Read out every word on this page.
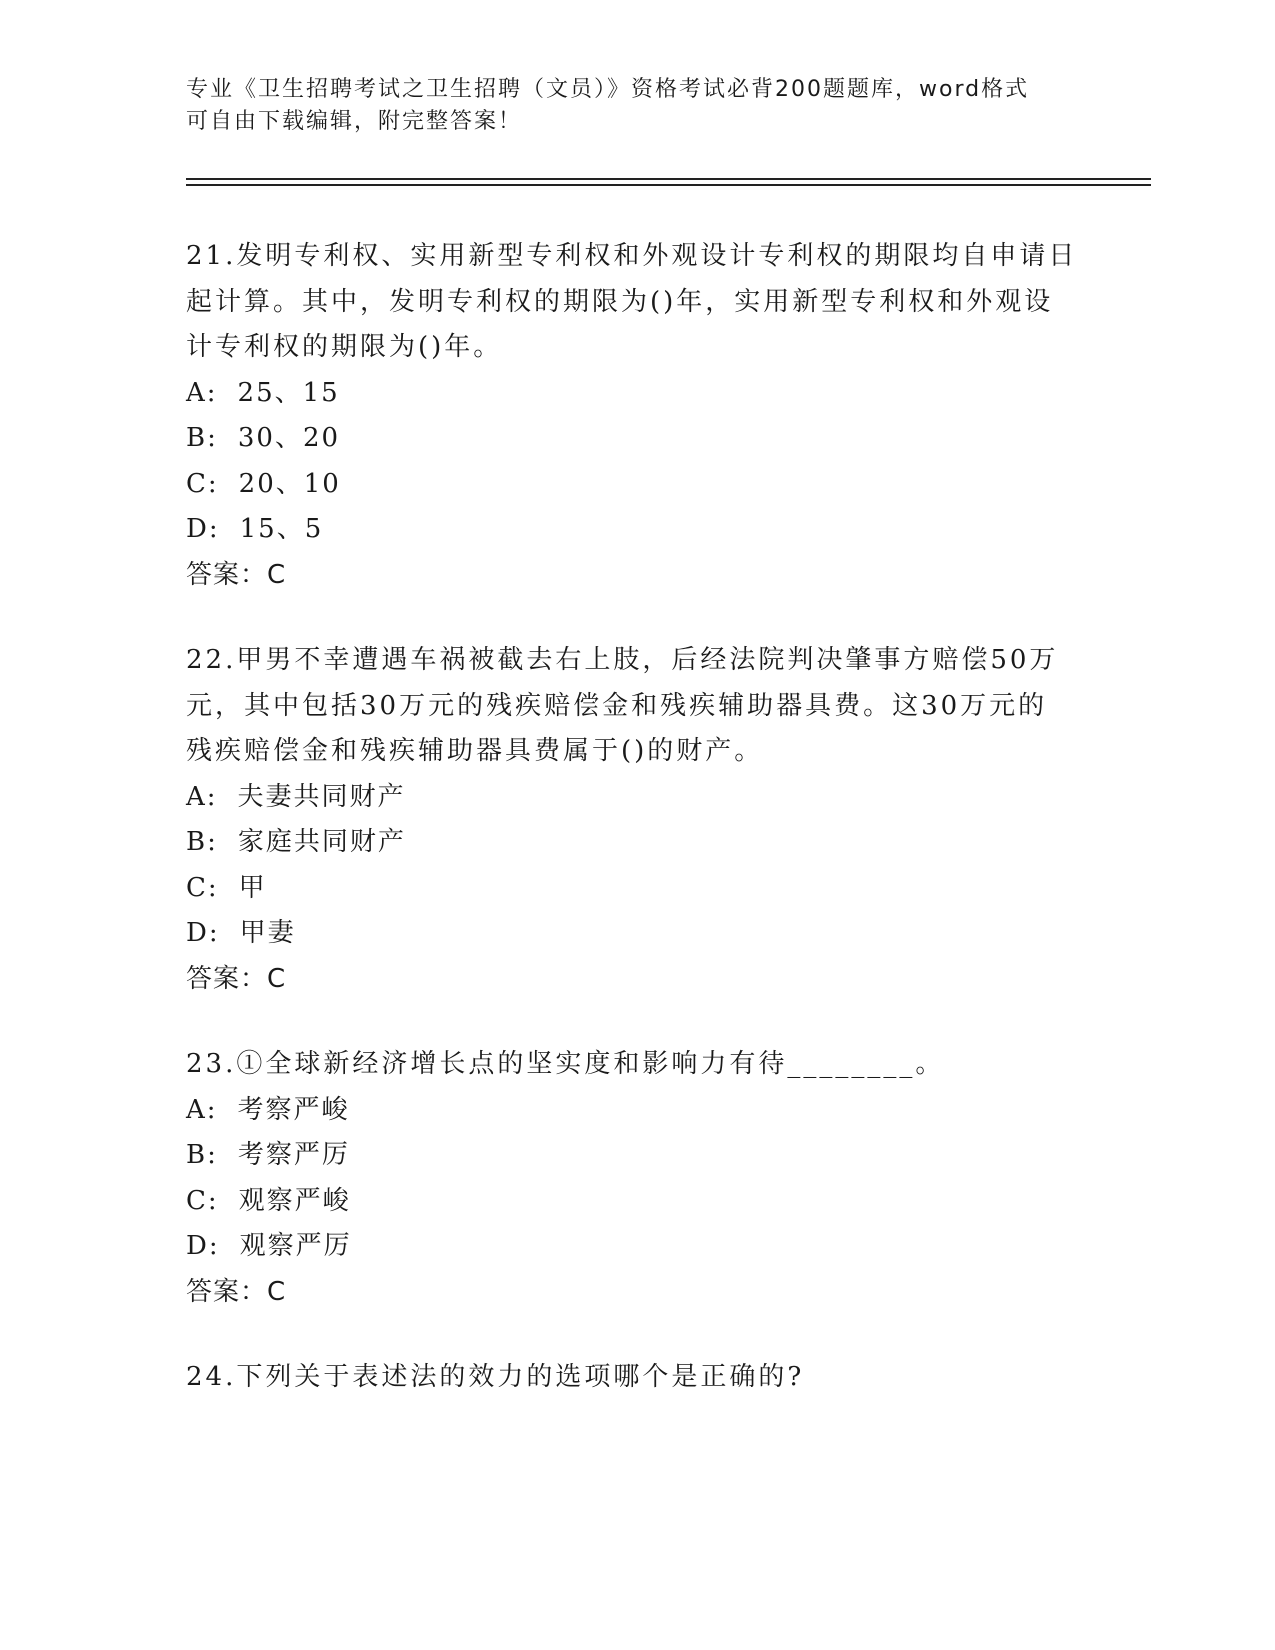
专业《卫生招聘考试之卫生招聘（文员）》资格考试必背200题题库，word格式
可自由下载编辑，附完整答案！
21.发明专利权、实用新型专利权和外观设计专利权的期限均自申请日
起计算。其中，发明专利权的期限为()年，实用新型专利权和外观设
计专利权的期限为()年。
A: 25、15
B: 30、20
C: 20、10
D: 15、5
答案：C
22.甲男不幸遭遇车祸被截去右上肢，后经法院判决肇事方赔偿50万
元，其中包括30万元的残疾赔偿金和残疾辅助器具费。这30万元的
残疾赔偿金和残疾辅助器具费属于()的财产。
A: 夫妻共同财产
B: 家庭共同财产
C: 甲
D: 甲妻
答案：C
23.①全球新经济增长点的坚实度和影响力有待________。
A: 考察严峻
B: 考察严厉
C: 观察严峻
D: 观察严厉
答案：C
24.下列关于表述法的效力的选项哪个是正确的?
